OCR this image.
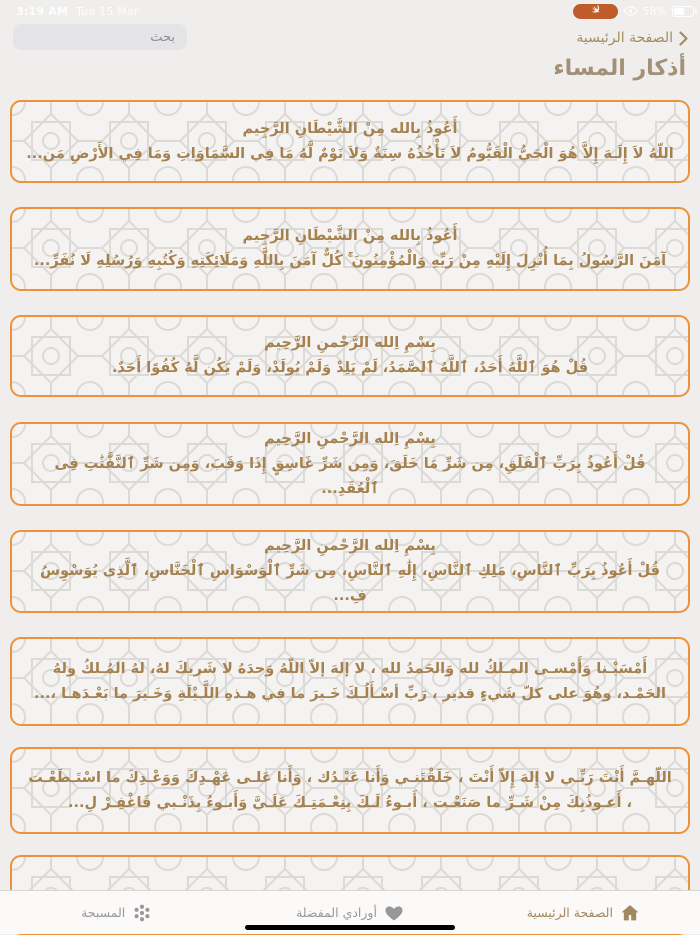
3:19 AM Tue 15 Mar	58%
بحث
الصفحة الرئيسية
أذكار المساء
أَعُوذُ بِالله مِنْ الشَّيْطَانِ الرَّجِيم
اللّهُ لاَ إِلَـهَ إِلاَّ هُوَ الْحَيُّ الْقَيُّومُ لاَ تَأْخُذُهُ سِنَةٌ وَلاَ نَوْمٌ لَّهُ مَا فِي السَّمَاوَاتِ وَمَا فِي الأَرْضِ مَن...
أَعُوذُ بِالله مِنْ الشَّيْطَانِ الرَّجِيم
آمَنَ الرَّسُولُ بِمَا أُنْزِلَ إِلَيْهِ مِنْ رَبِّهِ وَالْمُؤْمِنُونَ ۚ كُلٌّ آمَنَ بِاللَّهِ وَمَلَائِكَتِهِ وَكُتُبِهِ وَرُسُلِهِ لَا نُفَرِّ...
بِسْمِ اِلله الرَّحْمنِ الرَّحِيم
قُلْ هُوَ ٱللَّهُ أَحَدٌ، ٱللَّهُ ٱلصَّمَدُ، لَمْ يَلِدْ وَلَمْ يُولَدْ، وَلَمْ يَكُن لَّهُ كُفُوًا أَحَدٌ.
بِسْمِ اِلله الرَّحْمنِ الرَّحِيم
قُلْ أَعُوذُ بِرَبِّ ٱلْفَلَقِ، مِن شَرِّ مَا خَلَقَ، وَمِن شَرِّ غَاسِقٍ إِذَا وَقَبَ، وَمِن شَرِّ ٱلنَّفَّٰثَٰتِ فِى ٱلْعُقَدِ...
بِسْمِ اِلله الرَّحْمنِ الرَّحِيم
قُلْ أَعُوذُ بِرَبِّ ٱلنَّاسِ، مَلِكِ ٱلنَّاسِ، إِلَٰهِ ٱلنَّاسِ، مِن شَرِّ ٱلْوَسْوَاسِ ٱلْخَنَّاسِ، ٱلَّذِى يُوَسْوِسُ فِ...
أَمْسَيْـنا وَأَمْسـى المـلكُ لله وَالحَمدُ لله ، لا إلهَ إلاّ اللّهُ وَحدَهُ لا شَريكَ لهُ، لهُ المُـلكُ ولهُ الحَمْـد، وهُوَ على كلّ شَيءٍ قدير ، رَبِّ أسْـأَلُـكَ خَـيرَ ما في هـذهِ اللَّـيْلَةِ وَخَـيرَ ما بَعْـدَهـا ،...
اللّهـمَّ أَنْتَ رَبِّـي لا إِلهَ إِلاّ أَنْتَ ، خَلَقْتَنـي وَأَنا عَبْـدُك ، وَأَنا عَلـى عَهْـدِكَ وَوَعْـدِكَ ما اسْتَـطَعْـت ، أَعـوذُبِكَ مِنْ شَـرِّ ما صَنَعْـت ، أَبـوءُ لَـكَ بِنِعْـمَتِـكَ عَلَـيَّ وَأَبـوءُ بِذَنْـبي فَاغْفِـرْ لِ...
الصفحة الرئيسية
أورادي المفضلة
المسبحة
